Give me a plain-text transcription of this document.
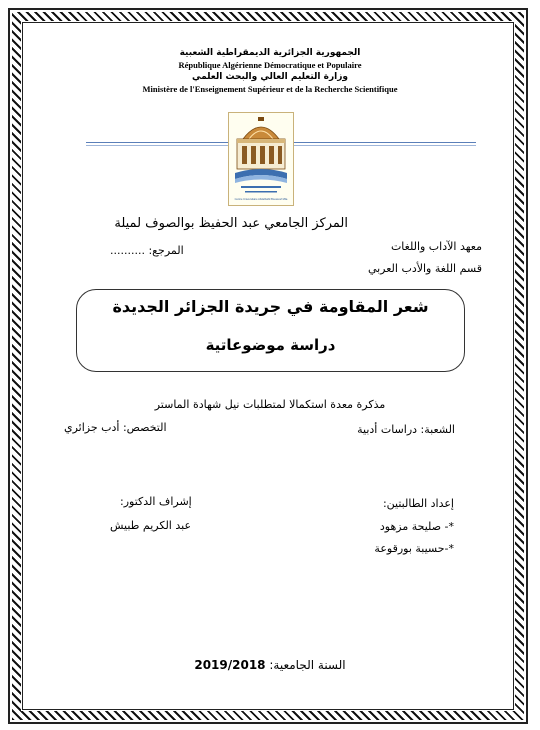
الجمهورية الجزائرية الديمقراطية الشعبية
République Algérienne Démocratique et Populaire
وزارة التعليم العالي والبحث العلمي
Ministère de l'Enseignement Supérieur et de la Recherche Scientifique
Centre Universitaire Abdelhafid Boussouf Mila
المركز الجامعي عبد الحفيظ بوالصوف لميلة
معهد الآداب واللغات
المرجع: ..........
قسم اللغة والأدب العربي
شعر المقاومة في جريدة الجزائر الجديدة
دراسة موضوعاتية
مذكرة معدة استكمالا لمتطلبات نيل شهادة الماستر
الشعبة: دراسات أدبية
التخصص: أدب جزائري
إعداد الطالبتين:
إشراف الدكتور:
*- صليحة مزهود
عبد الكريم طبيش
*-حسيبة بورقوعة
السنة الجامعية: 2019/2018
